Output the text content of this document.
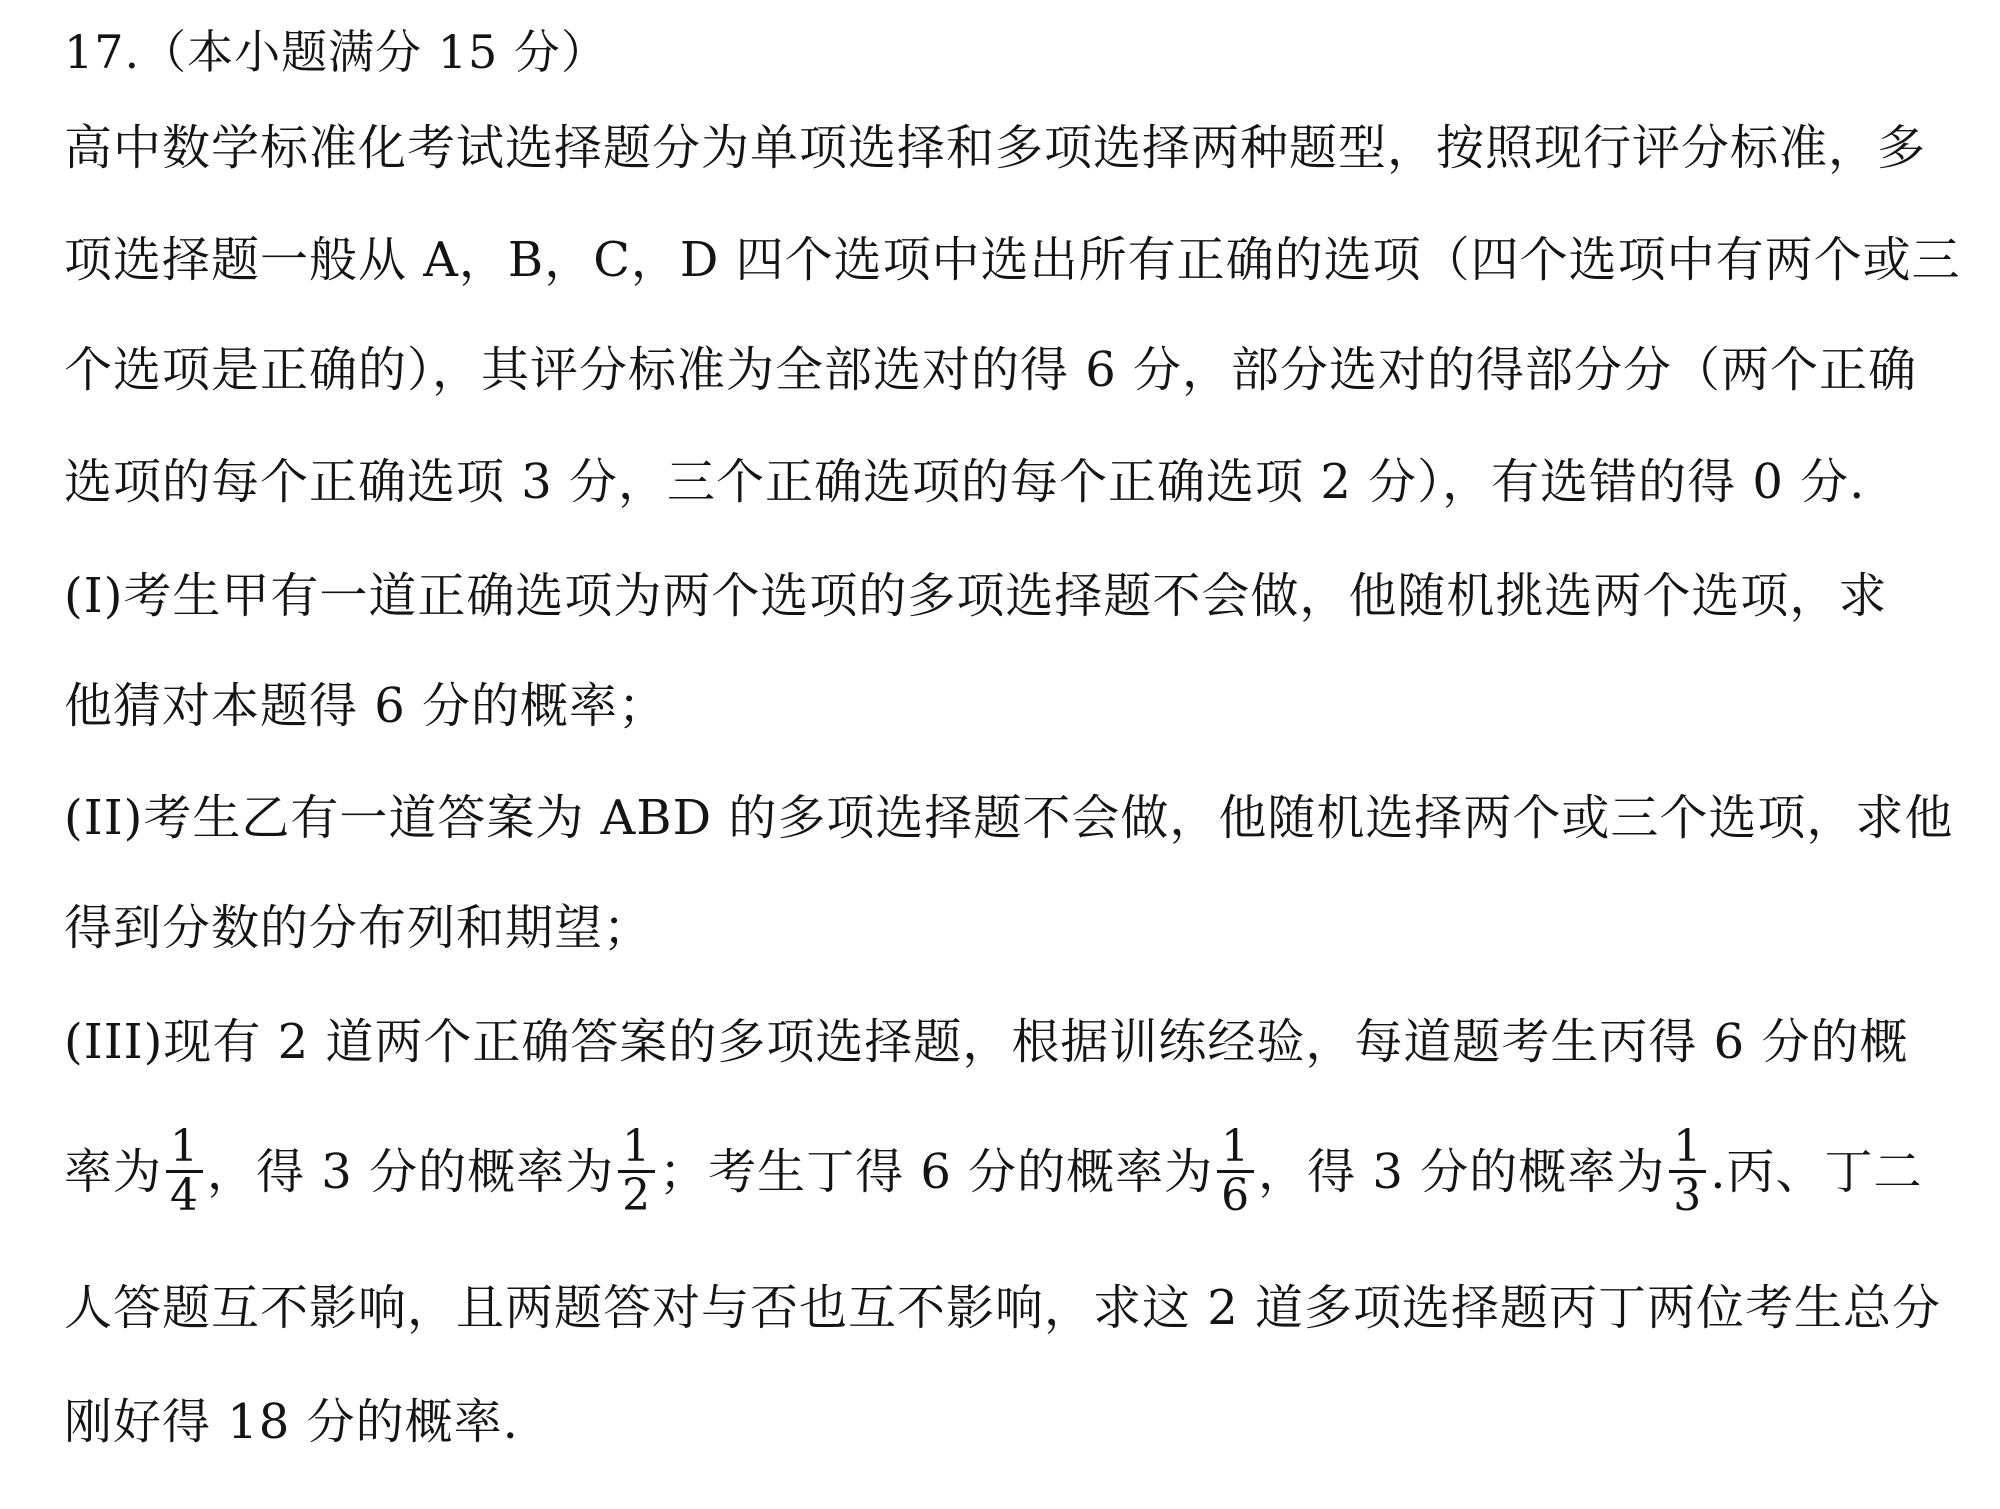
17.（本小题满分 15 分）
高中数学标准化考试选择题分为单项选择和多项选择两种题型，按照现行评分标准，多
项选择题一般从 A，B，C，D 四个选项中选出所有正确的选项（四个选项中有两个或三
个选项是正确的），其评分标准为全部选对的得 6 分，部分选对的得部分分（两个正确
选项的每个正确选项 3 分，三个正确选项的每个正确选项 2 分），有选错的得 0 分.
(I)考生甲有一道正确选项为两个选项的多项选择题不会做，他随机挑选两个选项，求
他猜对本题得 6 分的概率；
(II)考生乙有一道答案为 ABD 的多项选择题不会做，他随机选择两个或三个选项，求他
得到分数的分布列和期望；
(III)现有 2 道两个正确答案的多项选择题，根据训练经验，每道题考生丙得 6 分的概
率为 $\frac{1}{4}$ ，得 3 分的概率为 $\frac{1}{2}$ ；考生丁得 6 分的概率为 $\frac{1}{6}$ ，得 3 分的概率为 $\frac{1}{3}$ .丙、丁二
人答题互不影响，且两题答对与否也互不影响，求这 2 道多项选择题丙丁两位考生总分
刚好得 18 分的概率.
